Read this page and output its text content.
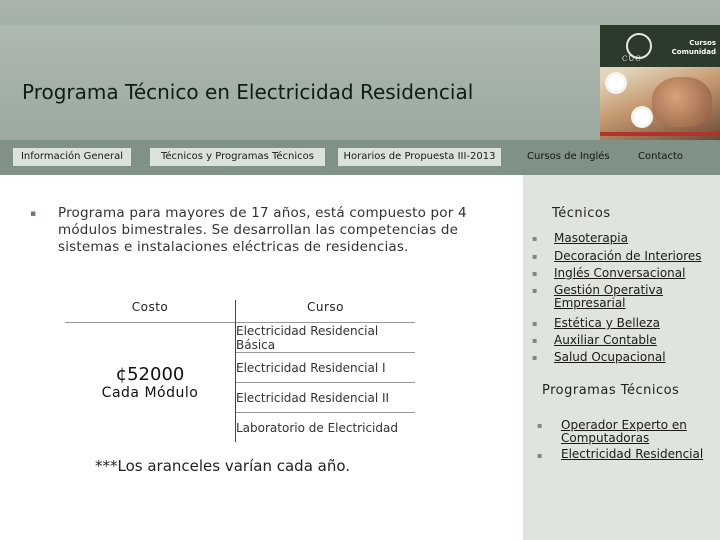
Programa Técnico en Electricidad Residencial
CUC
Cursos
Comunidad
Información General	Técnicos y Programas Técnicos	Horarios de Propuesta III-2013	Cursos de Inglés	Contacto
▪ Programa para mayores de 17 años, está compuesto por 4 módulos bimestrales. Se desarrollan las competencias de sistemas e instalaciones eléctricas de residencias.
Costo	Curso

¢52000
Cada Módulo	Electricidad Residencial Básica
	Electricidad Residencial I
	Electricidad Residencial II
	Laboratorio de Electricidad
***Los aranceles varían cada año.
Técnicos
▪ Masoterapia
▪ Decoración de Interiores
▪ Inglés Conversacional
▪ Gestión Operativa Empresarial
▪ Estética y Belleza
▪ Auxiliar Contable
▪ Salud Ocupacional
Programas Técnicos
▪ Operador Experto en Computadoras
▪ Electricidad Residencial
